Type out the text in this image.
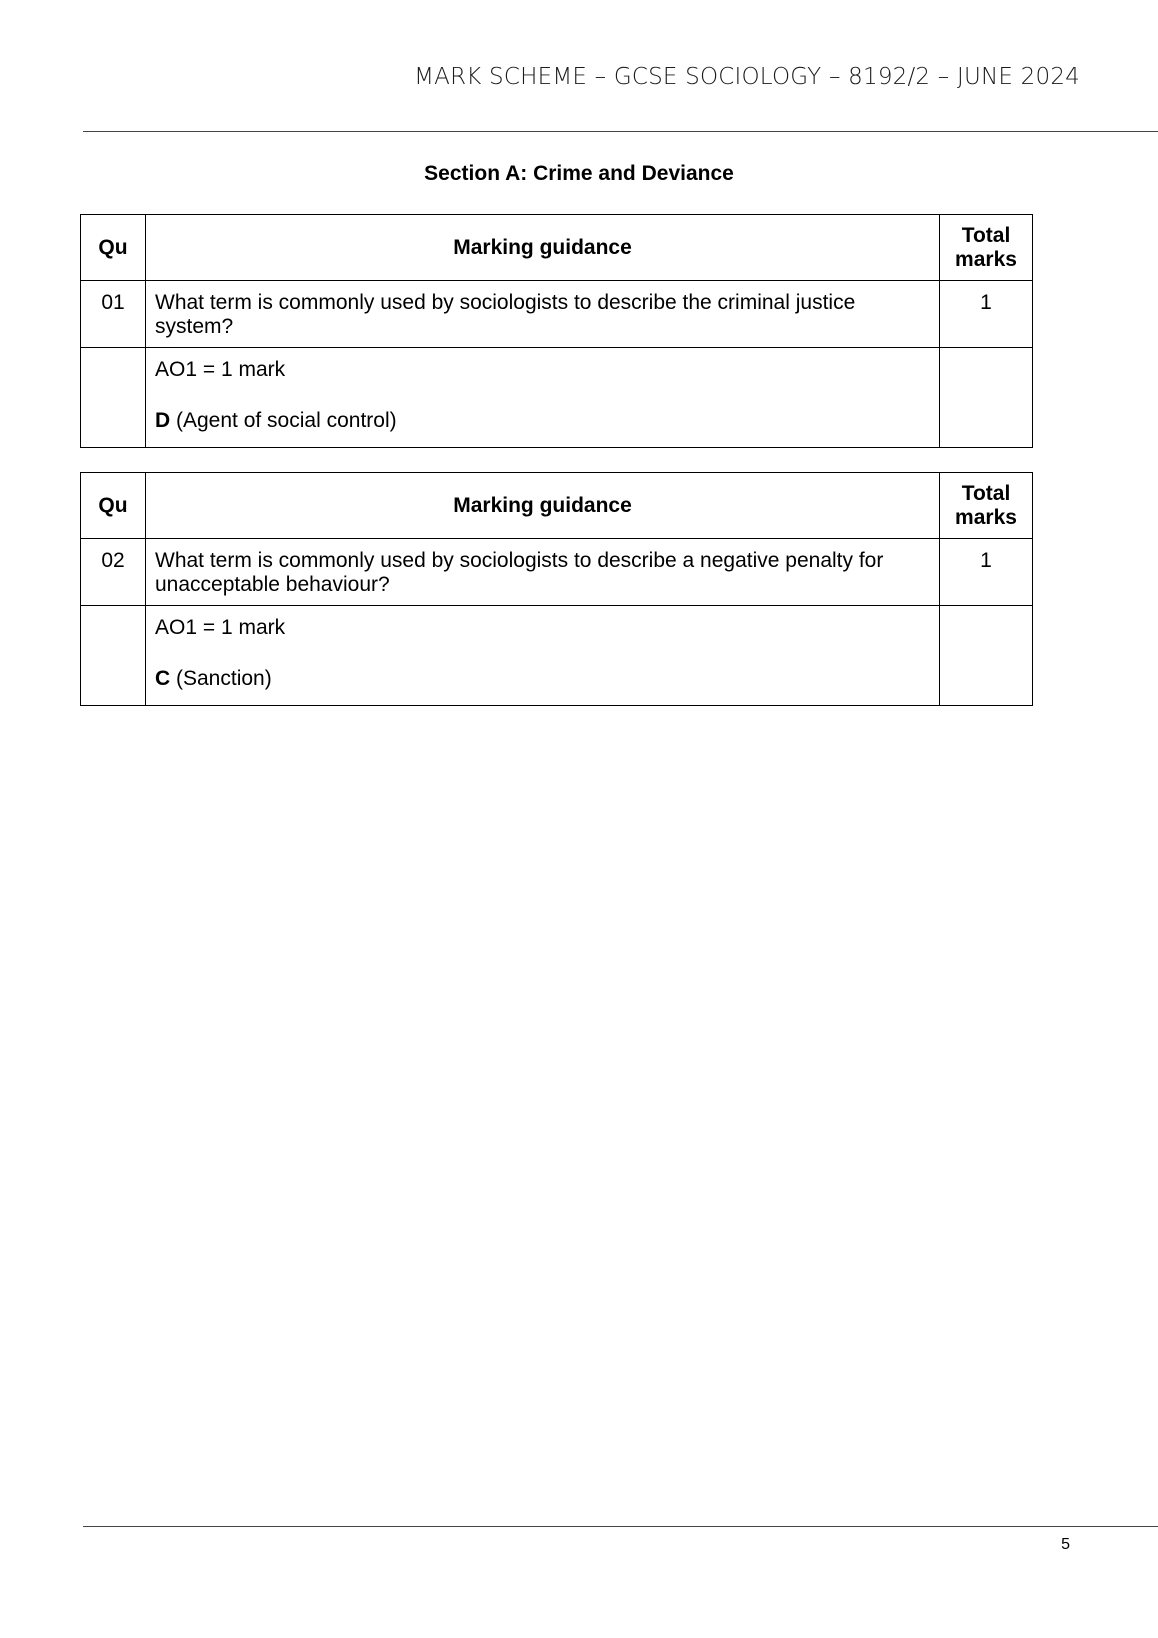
MARK SCHEME – GCSE SOCIOLOGY – 8192/2 – JUNE 2024
Section A: Crime and Deviance
Qu	Marking guidance	Total marks
01	What term is commonly used by sociologists to describe the criminal justice system?	1

	AO1 = 1 mark

D (Agent of social control)	

Qu	Marking guidance	Total marks
02	What term is commonly used by sociologists to describe a negative penalty for unacceptable behaviour?	1

	AO1 = 1 mark

C (Sanction)	

5
